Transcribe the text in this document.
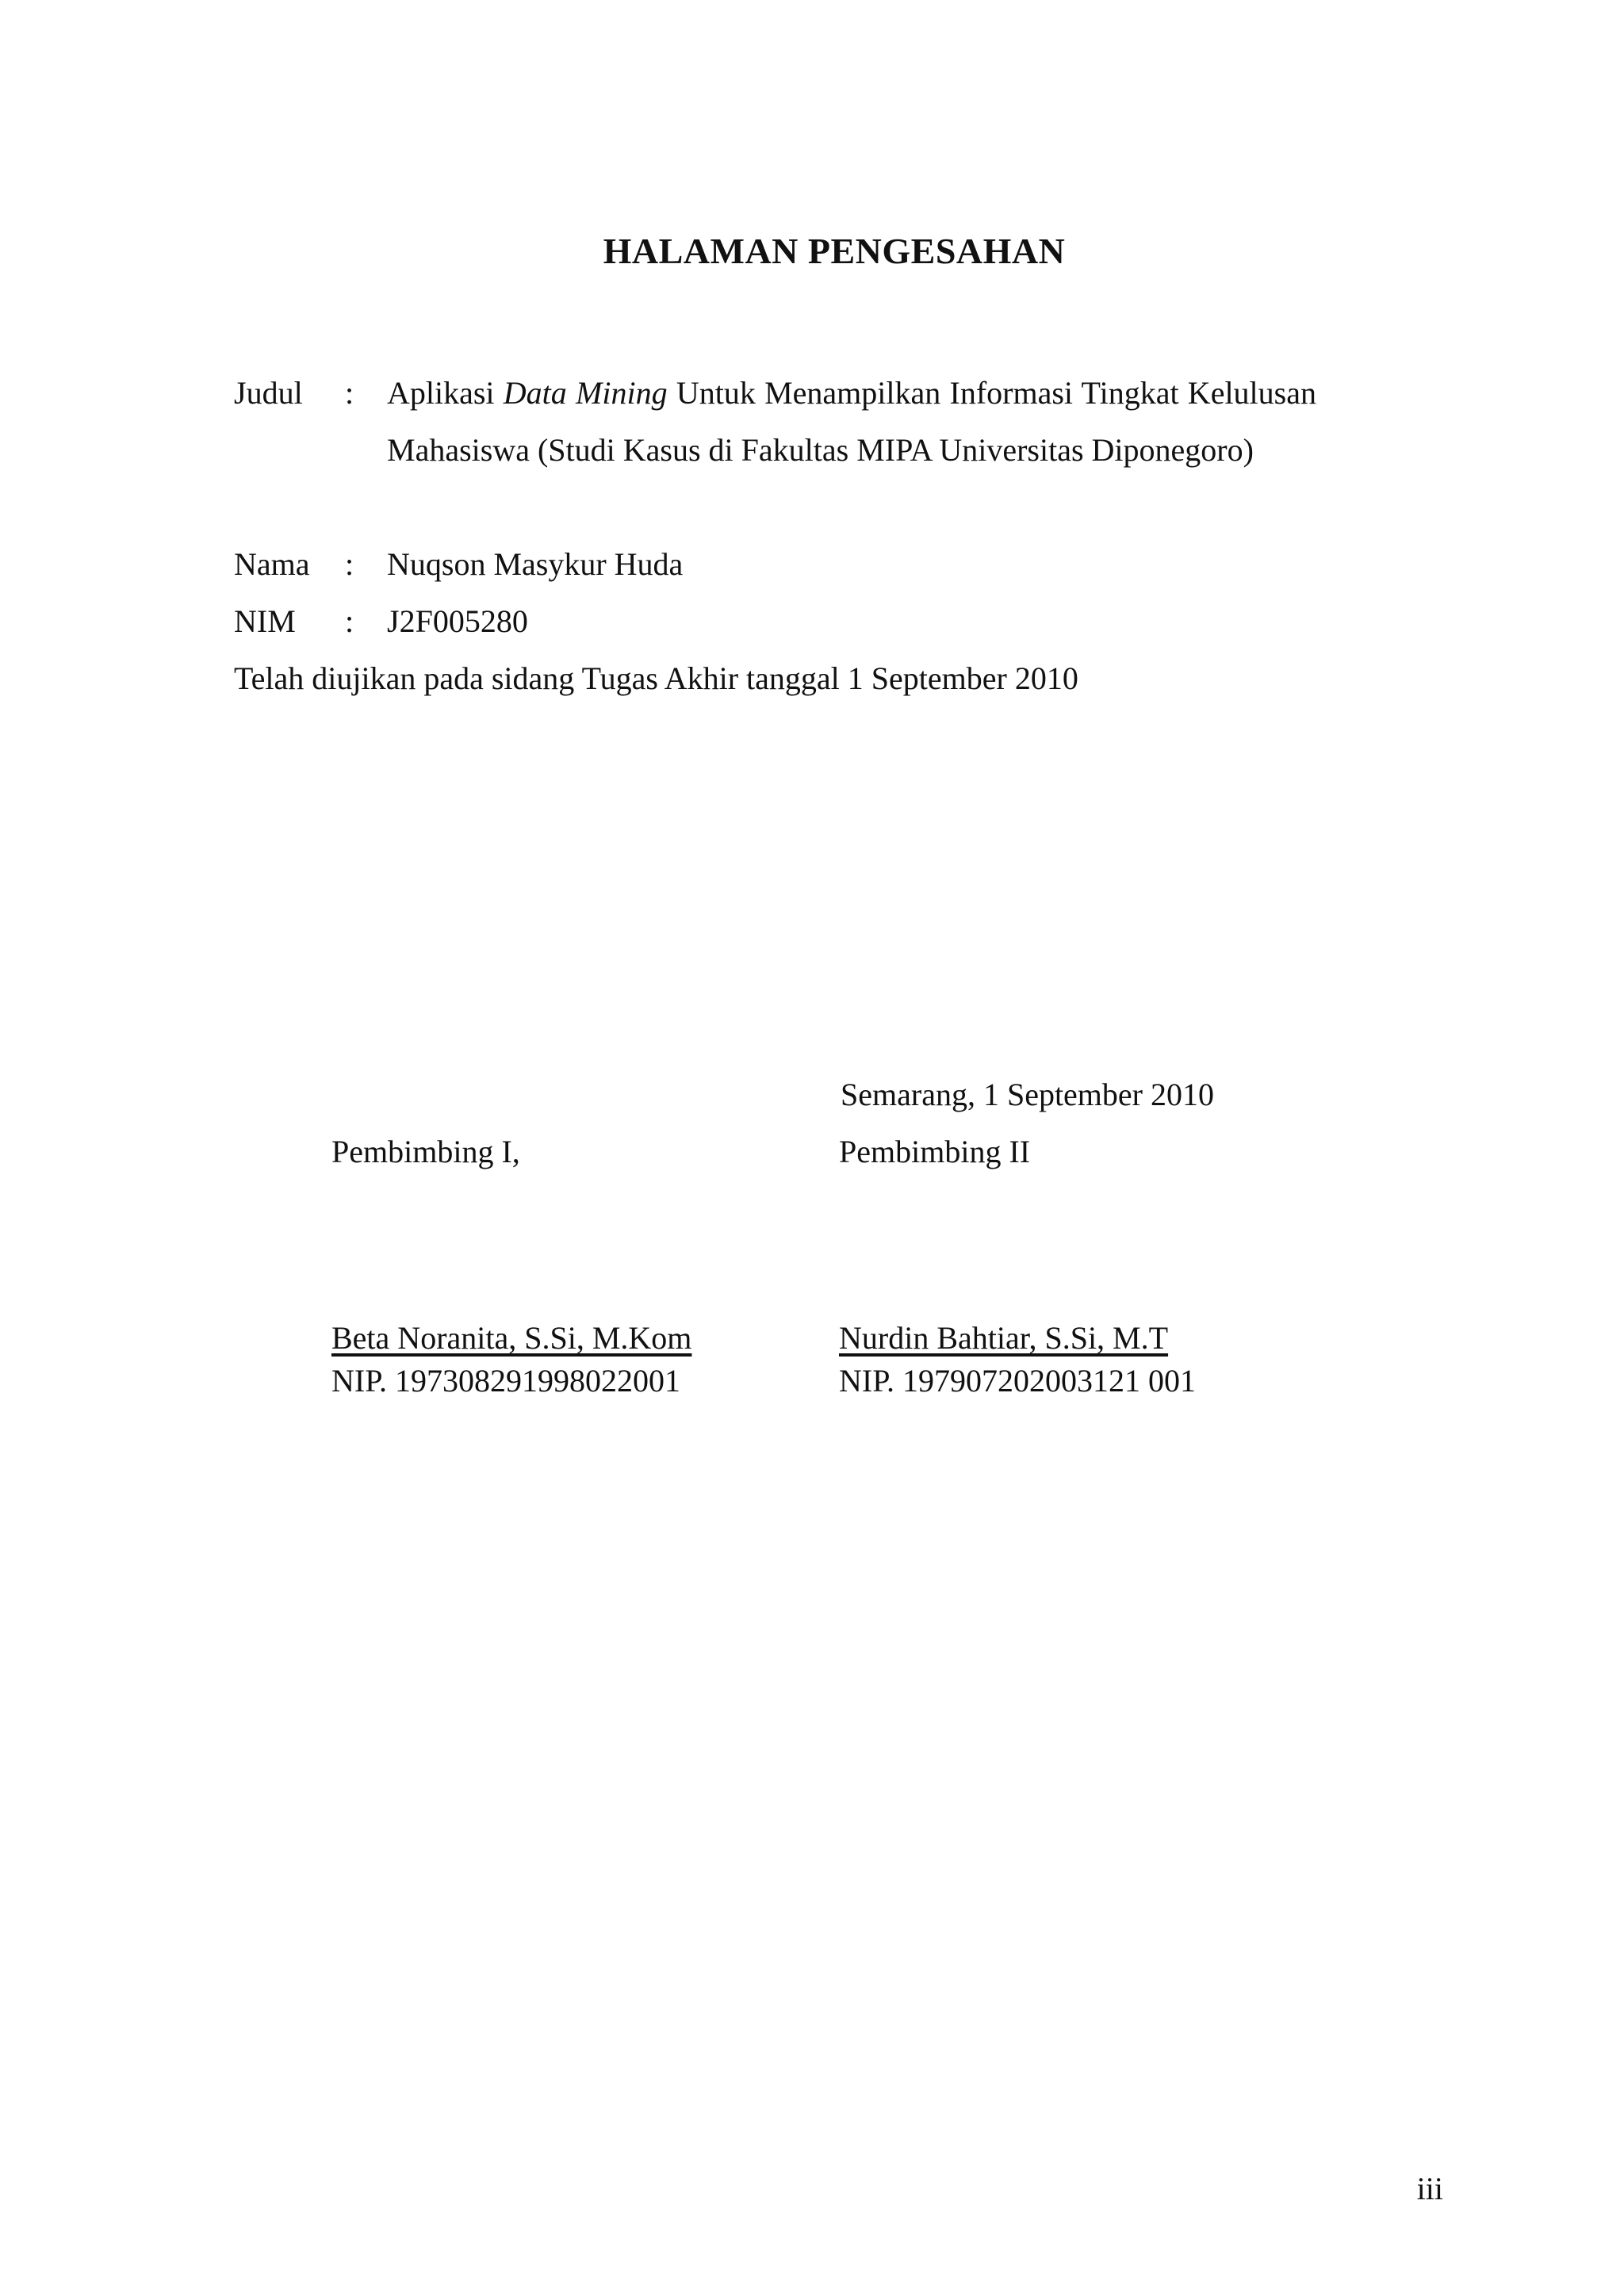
HALAMAN PENGESAHAN
Judul : Aplikasi Data Mining Untuk Menampilkan Informasi Tingkat Kelulusan Mahasiswa (Studi Kasus di Fakultas MIPA Universitas Diponegoro)
Nama : Nuqson Masykur Huda
NIM : J2F005280
Telah diujikan pada sidang Tugas Akhir tanggal 1 September 2010
Semarang, 1 September 2010
Pembimbing I,
Beta Noranita, S.Si, M.Kom
NIP. 197308291998022001
Pembimbing II
Nurdin Bahtiar, S.Si, M.T
NIP. 197907202003121 001
iii
